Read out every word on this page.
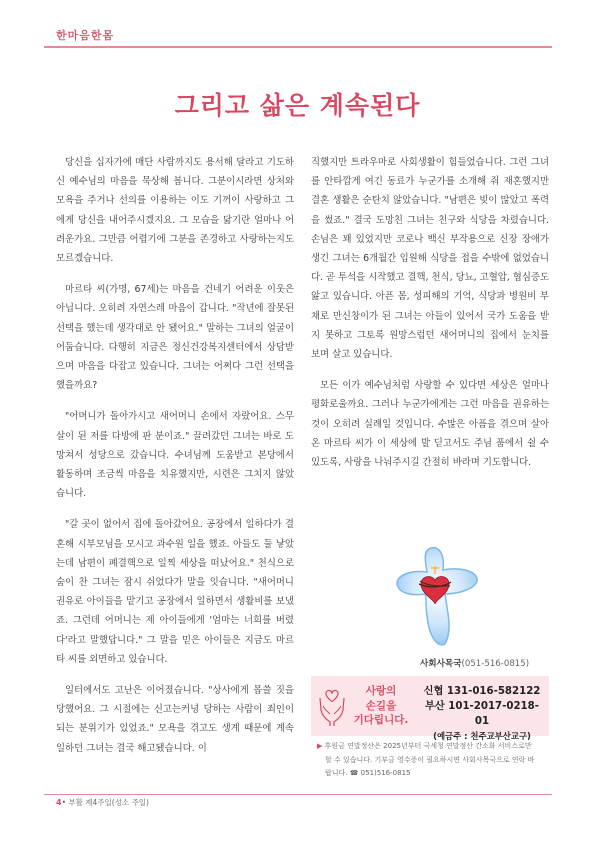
한마음한몸
그리고 삶은 계속된다

당신을 십자가에 매단 사람까지도 용서해 달라고 기도하신 예수님의 마음을 묵상해 봅니다. 그분이시라면 상처와 모욕을 주거나 선의를 이용하는 이도 기꺼이 사랑하고 그에게 당신을 내어주시겠지요. 그 모습을 닮기란 얼마나 어려운가요. 그만큼 어렵기에 그분을 존경하고 사랑하는지도 모르겠습니다.

마르타 씨(가명, 67세)는 마음을 건네기 어려운 이웃은 아닙니다. 오히려 자연스레 마음이 갑니다. "작년에 잘못된 선택을 했는데 생각대로 안 됐어요." 말하는 그녀의 얼굴이 어둡습니다. 다행히 지금은 정신건강복지센터에서 상담받으며 마음을 다잡고 있습니다. 그녀는 어쩌다 그런 선택을 했을까요?

"어머니가 돌아가시고 새어머니 손에서 자랐어요. 스무 살이 된 저를 다방에 판 분이죠." 끌려갔던 그녀는 바로 도망쳐서 성당으로 갔습니다. 수녀님께 도움받고 본당에서 활동하며 조금씩 마음을 치유했지만, 시련은 그치지 않았습니다.

"갈 곳이 없어서 집에 돌아갔어요. 공장에서 일하다가 결혼해 시부모님을 모시고 과수원 일을 했죠. 아들도 둘 낳았는데 남편이 폐결핵으로 일찍 세상을 떠났어요." 천식으로 숨이 찬 그녀는 잠시 쉬었다가 말을 잇습니다. "새어머니 권유로 아이들을 맡기고 공장에서 일하면서 생활비를 보냈죠. 그런데 어머니는 제 아이들에게 '엄마는 너희를 버렸다'라고 말했답니다." 그 말을 믿은 아이들은 지금도 마르타 씨를 외면하고 있습니다.

일터에서도 고난은 이어졌습니다. "상사에게 몹쓸 짓을 당했어요. 그 시절에는 신고는커녕 당하는 사람이 죄인이 되는 분위기가 있었죠." 모욕을 겪고도 생계 때문에 계속 일하던 그녀는 결국 해고됐습니다. 이

직했지만 트라우마로 사회생활이 힘들었습니다. 그런 그녀를 안타깝게 여긴 동료가 누군가를 소개해 줘 재혼했지만 결혼 생활은 순탄치 않았습니다. "남편은 빚이 많았고 폭력을 썼죠." 결국 도망친 그녀는 친구와 식당을 차렸습니다. 손님은 꽤 있었지만 코로나 백신 부작용으로 신장 장애가 생긴 그녀는 6개월간 입원해 식당을 접을 수밖에 없었습니다. 곧 투석을 시작했고 결핵, 천식, 당뇨, 고혈압, 협심증도 앓고 있습니다. 아픈 몸, 성피해의 기억, 식당과 병원비 부채로 만신창이가 된 그녀는 아들이 있어서 국가 도움을 받지 못하고 그토록 원망스럽던 새어머니의 집에서 눈치를 보며 살고 있습니다.

모든 이가 예수님처럼 사랑할 수 있다면 세상은 얼마나 평화로울까요. 그러나 누군가에게는 그런 마음을 권유하는 것이 오히려 실례일 것입니다. 수많은 아픔을 겪으며 살아온 마르타 씨가 이 세상에 발 딛고서도 주님 품에서 쉴 수 있도록, 사랑을 나눠주시길 간절히 바라며 기도합니다.

사회사목국(051-516-0815)
사랑의
손길을
기다립니다.
신협 131-016-582122
부산 101-2017-0218-01
(예금주 : 천주교부산교구)
▶ 후원금 연말정산은 2025년부터 국세청 연말정산 간소화 서비스로만
할 수 있습니다. 기부금 영수증이 필요하시면 사회사목국으로 연락 바
랍니다. ☎ 051)516-0815
4• 부활 제4주일(성소 주일)
